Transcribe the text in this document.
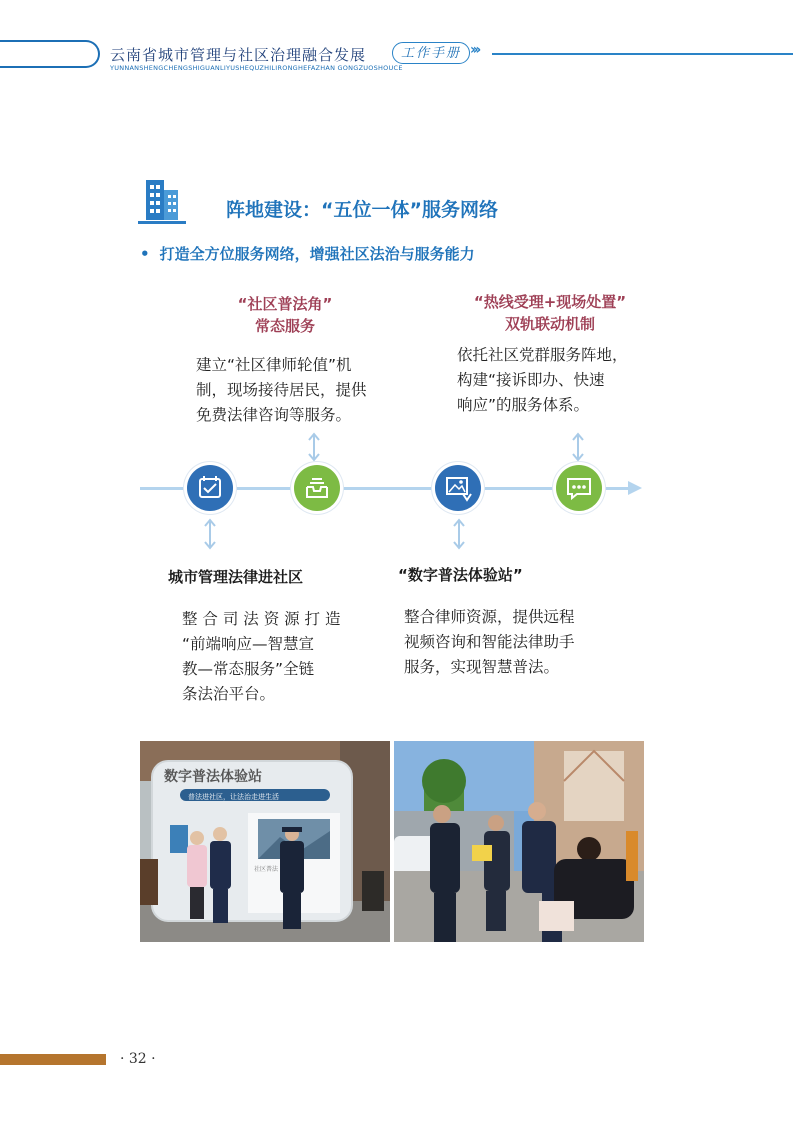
云南省城市管理与社区治理融合发展	工作手册 ›››
YUNNANSHENGCHENGSHIGUANLIYUSHEQUZHILIRONGHEFAZHAN GONGZUOSHOUCE
阵地建设：“五位一体”服务网络
• 打造全方位服务网络，增强社区法治与服务能力
“社区普法角”
常态服务
建立“社区律师轮值”机
制，现场接待居民，提供
免费法律咨询等服务。
“热线受理+现场处置”
双轨联动机制
依托社区党群服务阵地，
构建“接诉即办、快速
响应”的服务体系。
城市管理法律进社区
整 合 司 法 资 源 打 造
“前端响应—智慧宣
教—常态服务”全链
条法治平台。
“数字普法体验站”
整合律师资源，提供远程
视频咨询和智能法律助手
服务，实现智慧普法。
数字普法体验站
普法进社区，让法治走进生活
社区普法
· 32 ·
